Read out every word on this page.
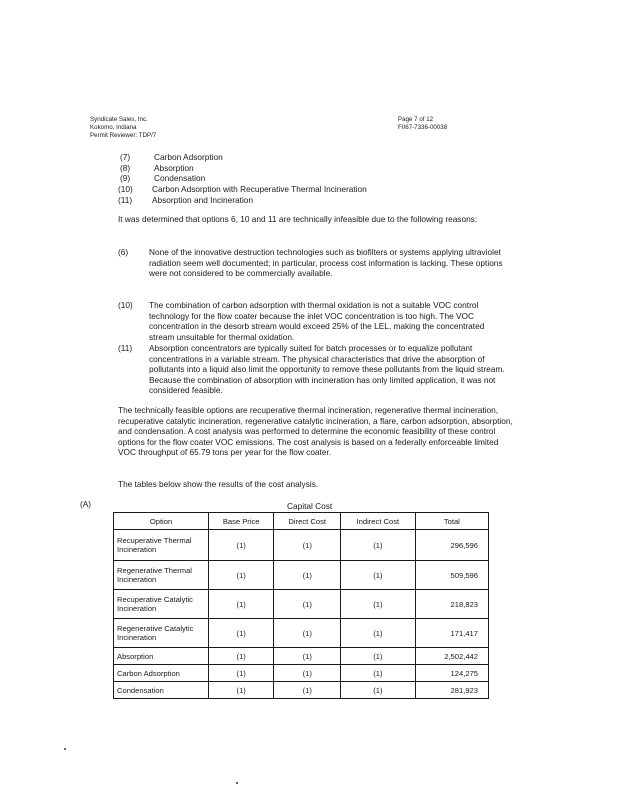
Syndicate Sales, Inc.
Kokomo, Indiana
Permit Reviewer: TDP/7
Page 7 of 12
F067-7336-00038
(7)	Carbon Adsorption
(8)	Absorption
(9)	Condensation
(10) Carbon Adsorption with Recuperative Thermal Incineration
(11) Absorption and Incineration
It was determined that options 6, 10 and 11 are technically infeasible due to the following reasons:
(6)	None of the innovative destruction technologies such as biofilters or systems applying ultraviolet radiation seem well documented; in particular, process cost information is lacking. These options were not considered to be commercially available.
(10) The combination of carbon adsorption with thermal oxidation is not a suitable VOC control technology for the flow coater because the inlet VOC concentration is too high. The VOC concentration in the desorb stream would exceed 25% of the LEL, making the concentrated stream unsuitable for thermal oxidation.
(11) Absorption concentrators are typically suited for batch processes or to equalize pollutant concentrations in a variable stream. The physical characteristics that drive the absorption of pollutants into a liquid also limit the opportunity to remove these pollutants from the liquid stream. Because the combination of absorption with incineration has only limited application, it was not considered feasible.
The technically feasible options are recuperative thermal incineration, regenerative thermal incineration, recuperative catalytic incineration, regenerative catalytic incineration, a flare, carbon adsorption, absorption, and condensation. A cost analysis was performed to determine the economic feasibility of these control options for the flow coater VOC emissions. The cost analysis is based on a federally enforceable limited VOC throughput of 65.79 tons per year for the flow coater.
The tables below show the results of the cost analysis.
(A)	Capital Cost
Option	Base Price	Direct Cost	Indirect Cost	Total
Recuperative Thermal Incineration	(1)	(1)	(1)	296,596
Regenerative Thermal Incineration	(1)	(1)	(1)	509,596
Recuperative Catalytic Incineration	(1)	(1)	(1)	218,823
Regenerative Catalytic Incineration	(1)	(1)	(1)	171,417
Absorption	(1)	(1)	(1)	2,502,442
Carbon Adsorption	(1)	(1)	(1)	124,275
Condensation	(1)	(1)	(1)	281,923
